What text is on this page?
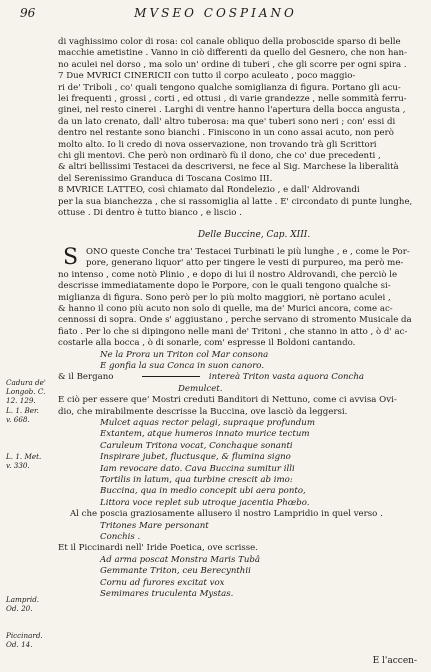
96	MVSEO COSPIANO
di vaghissimo color di rosa: col canale obliquo della proboscide sparso di belle
macchie ametistine . Vanno in ciò differenti da quello del Gesnero, che non han-
no aculei nel dorso , ma solo un' ordine di tuberi , che gli scorre per ogni spira .
7 Due MVRICI CINERICII con tutto il corpo aculeato , poco maggio-
ri de' Triboli , co' quali tengono qualche somiglianza di figura. Portano gli acu-
lei frequenti , grossi , corti , ed ottusi , di varie grandezze , nelle sommità ferru-
ginei, nel resto cinerei . Larghi di ventre hanno l'apertura della bocca angusta ,
da un lato crenato, dall' altro tuberosa: ma que' tuberi sono neri ; con' essi di
dentro nel restante sono bianchi . Finiscono in un cono assai acuto, non però
molto alto. Io li credo di nova osservazione, non trovando trà gli Scrittori
chi gli mentovi. Che però non ordinarò fù il dono, che co' due precedenti ,
& altri bellissimi Testacei da descriversi, ne fece al Sig. Marchese la liberalità
del Serenissimo Granduca di Toscana Cosimo III.
8 MVRICE LATTEO, così chiamato dal Rondelezio , e dall' Aldrovandi
per la sua bianchezza , che si rassomiglia al latte . E' circondato di punte lunghe,
ottuse . Di dentro è tutto bianco , e liscio .
Delle Buccine, Cap. XIII.
S ONO queste Conche tra' Testacei Turbinati le più lunghe , e , come le Por-
pore, generano liquor' atto per tingere le vesti di purpureo, ma però me-
no intenso , come notò Plinio , e dopo di lui il nostro Aldrovandi, che perciò le
descrisse immediatamente dopo le Porpore, con le quali tengono qualche si-
miglianza di figura. Sono però per lo più molto maggiori, nè portano aculei ,
& hanno il cono più acuto non solo di quelle, ma de' Murici ancora, come ac-
cennossi di sopra. Onde s' aggiustano , perche servano di stromento Musicale da
fiato . Per lo che si dipingono nelle mani de' Tritoni , che stanno in atto , ò d' ac-
costarle alla bocca , ò di sonarle, com' espresse il Boldoni cantando.
Ne la Prora un Triton col Mar consona
E gonfia la sua Conca in suon canoro.
& il Bergano	intereà Triton vasta aquora Concha
Demulcet.
E ciò per essere que' Mostri creduti Banditori di Nettuno, come ci avvisa Ovi-
dio, che mirabilmente descrisse la Buccina, ove lasciò da leggersi.
Mulcet aquas rector pelagi, supraque profundum
Extantem, atque humeros innato murice tectum
Caruleum Tritona vocat, Conchaque sonanti
Inspirare jubet, fluctusque, & flumina signo
Iam revocare dato. Cava Buccina sumitur illi
Tortilis in latum, qua turbine crescit ab imo:
Buccina, qua in medio concepit ubi aera ponto,
Littora voce replet sub utroque jacentia Phœbo.
Al che poscia graziosamente allusero il nostro Lampridio in quel verso .
Tritones Mare personant
Conchis .
Et il Piccinardi nell' Iride Poetica, ove scrisse.
Ad arma poscat Monstra Maris Tubâ
Gemmante Triton, ceu Berecynthii
Cornu ad furores excitat vox
Semimares truculenta Mystas.
Cadura de'
Longob. C.
12. 129.
L. 1. Ber.
v. 668.
L. 1. Met.
v. 330.
Lamprid.
Od. 20.
Piccinard.
Od. 14.
E l'accen-
